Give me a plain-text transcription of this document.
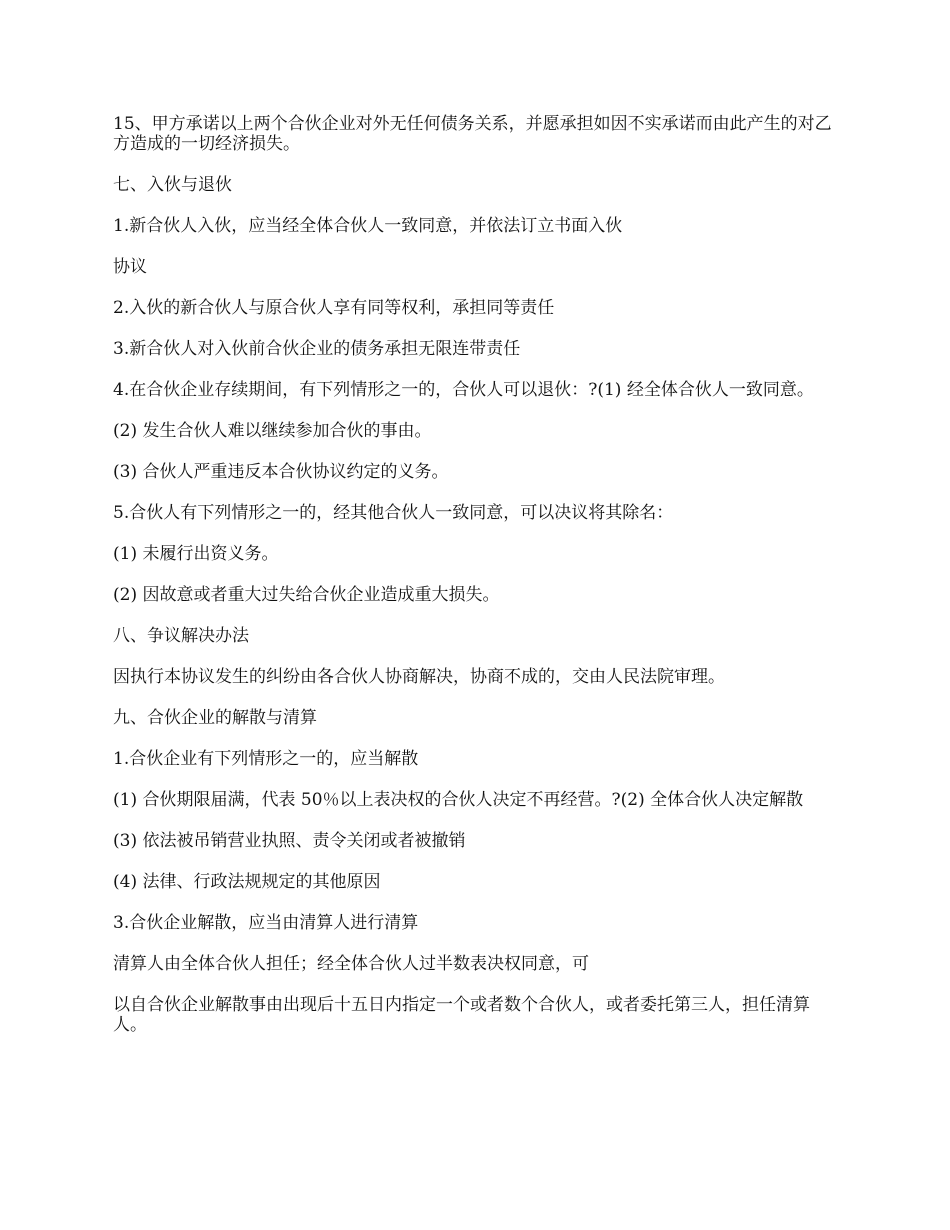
15、甲方承诺以上两个合伙企业对外无任何债务关系，并愿承担如因不实承诺而由此产生的对乙方造成的一切经济损失。

七、入伙与退伙

1.新合伙人入伙，应当经全体合伙人一致同意，并依法订立书面入伙

协议

2.入伙的新合伙人与原合伙人享有同等权利，承担同等责任

3.新合伙人对入伙前合伙企业的债务承担无限连带责任

4.在合伙企业存续期间，有下列情形之一的，合伙人可以退伙：?(1) 经全体合伙人一致同意。

(2) 发生合伙人难以继续参加合伙的事由。

(3) 合伙人严重违反本合伙协议约定的义务。

5.合伙人有下列情形之一的，经其他合伙人一致同意，可以决议将其除名：

(1) 未履行出资义务。

(2) 因故意或者重大过失给合伙企业造成重大损失。

八、争议解决办法

因执行本协议发生的纠纷由各合伙人协商解决，协商不成的，交由人民法院审理。

九、合伙企业的解散与清算

1.合伙企业有下列情形之一的，应当解散

(1) 合伙期限届满，代表 50％以上表决权的合伙人决定不再经营。?(2) 全体合伙人决定解散

(3) 依法被吊销营业执照、责令关闭或者被撤销

(4) 法律、行政法规规定的其他原因

3.合伙企业解散，应当由清算人进行清算

清算人由全体合伙人担任；经全体合伙人过半数表决权同意，可

以自合伙企业解散事由出现后十五日内指定一个或者数个合伙人，或者委托第三人，担任清算人。
